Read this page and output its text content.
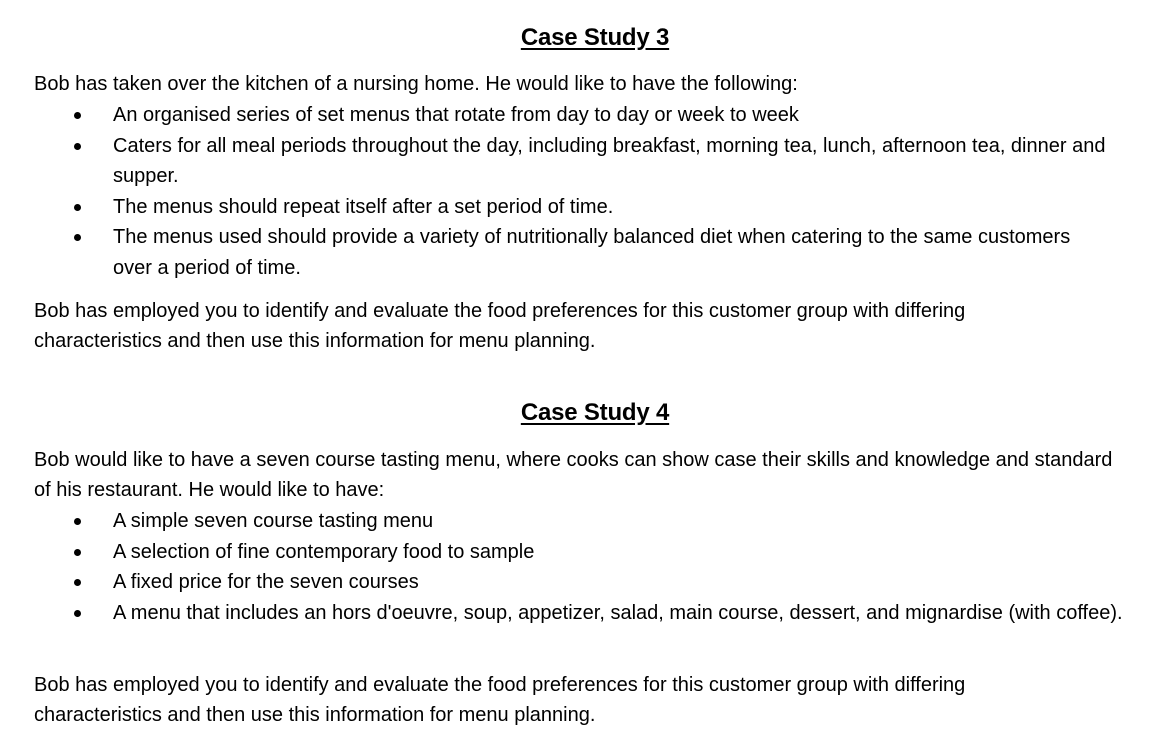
Case Study 3

Bob has taken over the kitchen of a nursing home. He would like to have the following:

An organised series of set menus that rotate from day to day or week to week
Caters for all meal periods throughout the day, including breakfast, morning tea, lunch, afternoon tea, dinner and supper.
The menus should repeat itself after a set period of time.
The menus used should provide a variety of nutritionally balanced diet when catering to the same customers over a period of time.

Bob has employed you to identify and evaluate the food preferences for this customer group with differing characteristics and then use this information for menu planning.

Case Study 4

Bob would like to have a seven course tasting menu, where cooks can show case their skills and knowledge and standard of his restaurant. He would like to have:

A simple seven course tasting menu
A selection of fine contemporary food to sample
A fixed price for the seven courses
A menu that includes an hors d'oeuvre, soup, appetizer, salad, main course, dessert, and mignardise (with coffee).

Bob has employed you to identify and evaluate the food preferences for this customer group with differing characteristics and then use this information for menu planning.
